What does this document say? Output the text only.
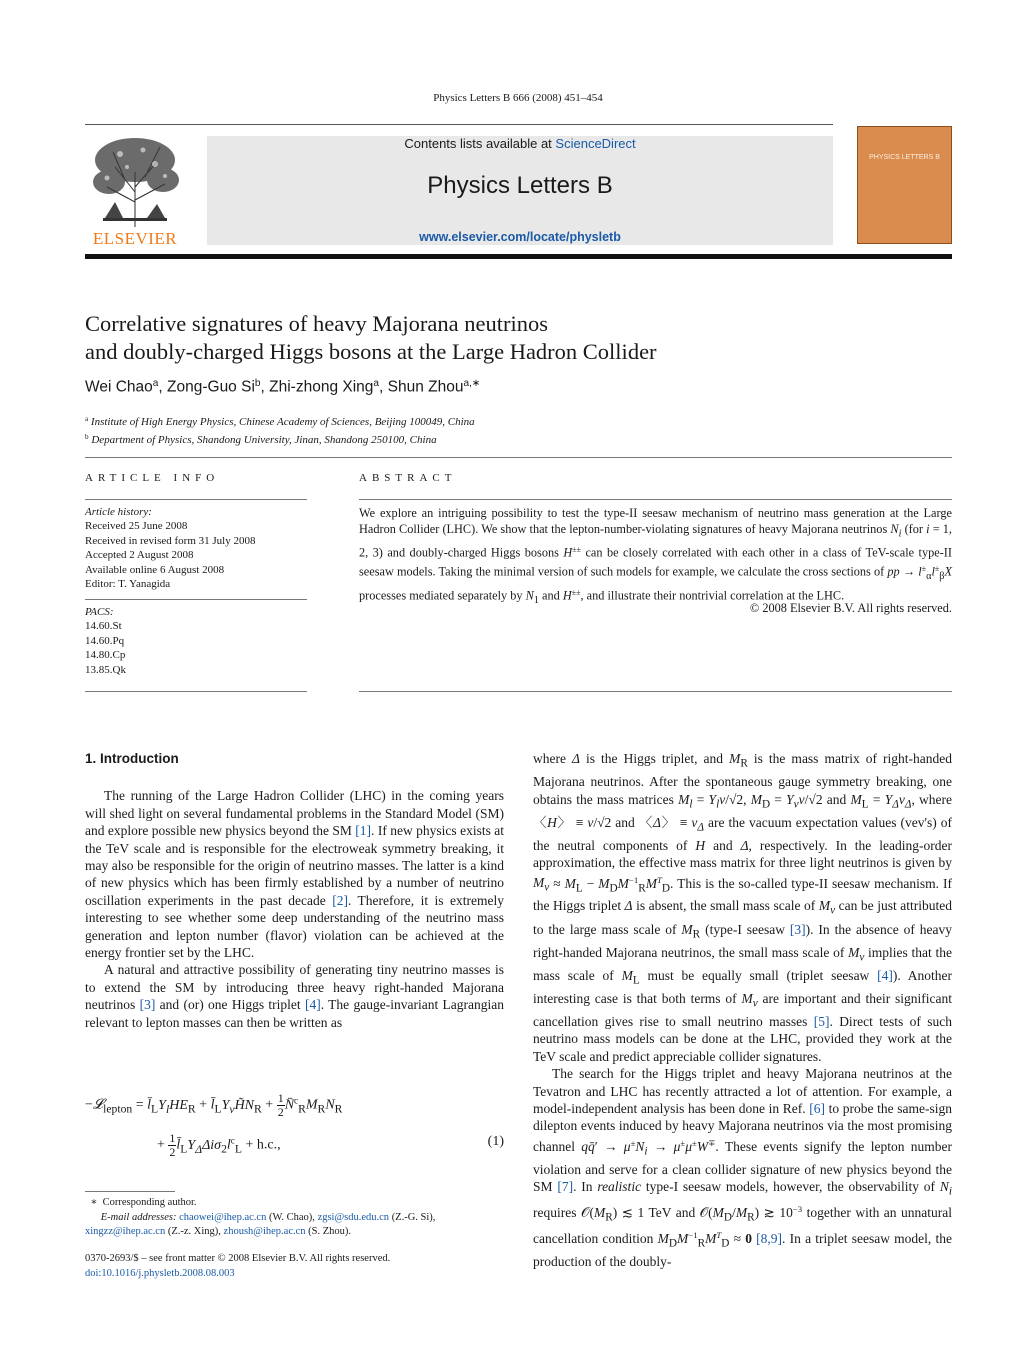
Physics Letters B 666 (2008) 451–454
ELSEVIER
Contents lists available at ScienceDirect
Physics Letters B
www.elsevier.com/locate/physletb
PHYSICS LETTERS B
Correlative signatures of heavy Majorana neutrinos
and doubly-charged Higgs bosons at the Large Hadron Collider
Wei Chao$^a$, Zong-Guo Si$^b$, Zhi-zhong Xing$^a$, Shun Zhou$^{a,∗}$
$^a$ Institute of High Energy Physics, Chinese Academy of Sciences, Beijing 100049, China
$^b$ Department of Physics, Shandong University, Jinan, Shandong 250100, China
ARTICLE INFO
Article history:
Received 25 June 2008
Received in revised form 31 July 2008
Accepted 2 August 2008
Available online 6 August 2008
Editor: T. Yanagida
PACS:
14.60.St
14.60.Pq
14.80.Cp
13.85.Qk
ABSTRACT
We explore an intriguing possibility to test the type-II seesaw mechanism of neutrino mass generation at the Large Hadron Collider (LHC). We show that the lepton-number-violating signatures of heavy Majorana neutrinos $N_i$ (for i = 1, 2, 3) and doubly-charged Higgs bosons H±± can be closely correlated with each other in a class of TeV-scale type-II seesaw models. Taking the minimal version of such models for example, we calculate the cross sections of pp → $l^\pm_\alpha l^\pm_\beta X$ processes mediated separately by $N_1$ and H±±, and illustrate their nontrivial correlation at the LHC.
© 2008 Elsevier B.V. All rights reserved.
1. Introduction

The running of the Large Hadron Collider (LHC) in the coming years will shed light on several fundamental problems in the Standard Model (SM) and explore possible new physics beyond the SM [1]. If new physics exists at the TeV scale and is responsible for the electroweak symmetry breaking, it may also be responsible for the origin of neutrino masses. The latter is a kind of new physics which has been firmly established by a number of neutrino oscillation experiments in the past decade [2]. Therefore, it is extremely interesting to see whether some deep understanding of the neutrino mass generation and lepton number (flavor) violation can be achieved at the energy frontier set by the LHC.

A natural and attractive possibility of generating tiny neutrino masses is to extend the SM by introducing three heavy right-handed Majorana neutrinos [3] and (or) one Higgs triplet [4]. The gauge-invariant Lagrangian relevant to lepton masses can then be written as

−𝓛$_{lepton}$ = $l̄_LY_lHE_R$ + $l̄_LY_\nu H̃N_R + \frac{1}{2}$ $N̄^c_RM_RN_R$
+ $\frac{1}{2}$ $l̄_LY_\Delta\Delta i\sigma_2l^c_L + h.c$.,	(1)
∗  Corresponding author.
E-mail addresses: chaowei@ihep.ac.cn (W. Chao), zgsi@sdu.edu.cn (Z.-G. Si),
xingzz@ihep.ac.cn (Z.-z. Xing), zhoush@ihep.ac.cn (S. Zhou).
0370-2693/$ – see front matter © 2008 Elsevier B.V. All rights reserved.
doi:10.1016/j.physletb.2008.08.003

where Δ is the Higgs triplet, and $M_R$ is the mass matrix of right-handed Majorana neutrinos. After the spontaneous gauge symmetry breaking, one obtains the mass matrices $M_l = Y_lv/√2$, $M_D = Y_\nu v/√2$ and $M_L = Y_\Delta v_\Delta$, where 〈H〉 ≡ v/√2 and 〈Δ〉 ≡ $v_\Delta$ are the vacuum expectation values (vev's) of the neutral components of H and Δ, respectively. In the leading-order approximation, the effective mass matrix for three light neutrinos is given by $M_\nu \approx M_L - M_DM^{-1}_RM^T_D$. This is the so-called type-II seesaw mechanism. If the Higgs triplet Δ is absent, the small mass scale of $M_\nu$ can be just attributed to the large mass scale of $M_R$ (type-I seesaw [3]). In the absence of heavy right-handed Majorana neutrinos, the small mass scale of $M_\nu$ implies that the mass scale of $M_L$ must be equally small (triplet seesaw [4]). Another interesting case is that both terms of $M_\nu$ are important and their significant cancellation gives rise to small neutrino masses [5]. Direct tests of such neutrino mass models can be done at the LHC, provided they work at the TeV scale and predict appreciable collider signatures.

The search for the Higgs triplet and heavy Majorana neutrinos at the Tevatron and LHC has recently attracted a lot of attention. For example, a model-independent analysis has been done in Ref. [6] to probe the same-sign dilepton events induced by heavy Majorana neutrinos via the most promising channel qq̄′ → $\mu^\pm N_i \to \mu^\pm\mu^\pm W^\mp$. These events signify the lepton number violation and serve for a clean collider signature of new physics beyond the SM [7]. In realistic type-I seesaw models, however, the observability of $N_i$ requires $𝒪(M_R)$ ≲ 1 TeV and $𝒪(M_D/M_R)$ ≳ $10^{-3}$ together with an unnatural cancellation condition $M_DM^{-1}_RM^T_D \approx 0$ [8,9]. In a triplet seesaw model, the production of the doubly-
